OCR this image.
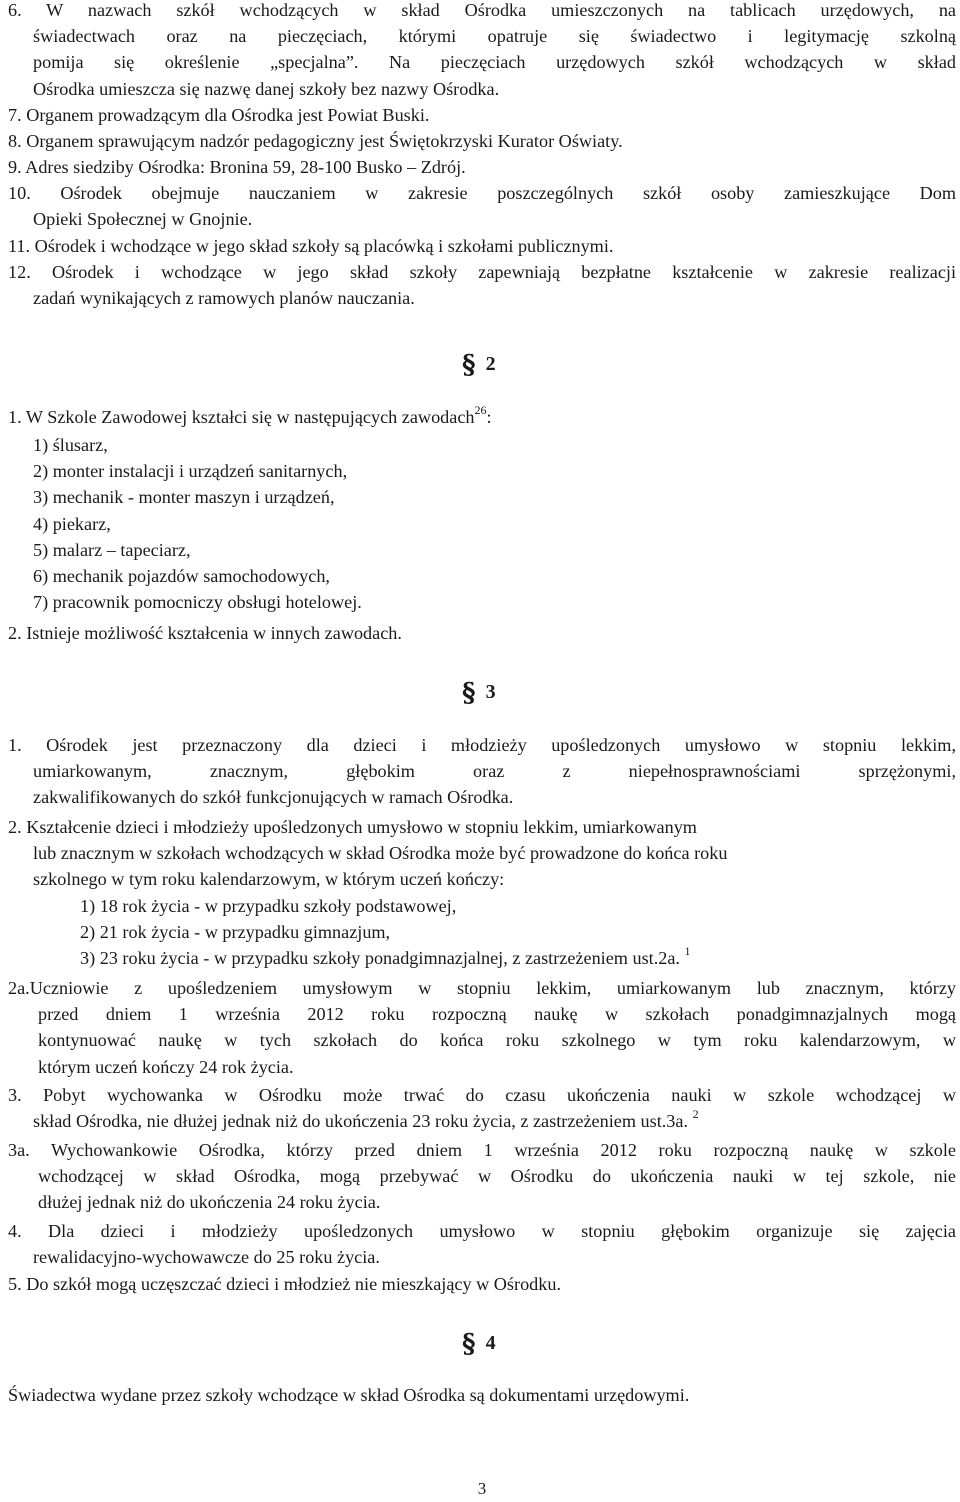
6. W nazwach szkół wchodzących w skład Ośrodka umieszczonych na tablicach urzędowych, na
świadectwach oraz na pieczęciach, którymi opatruje się świadectwo i legitymację szkolną
pomija się określenie „specjalna”. Na pieczęciach urzędowych szkół wchodzących w skład
Ośrodka umieszcza się nazwę danej szkoły bez nazwy Ośrodka.
7. Organem prowadzącym dla Ośrodka jest Powiat Buski.
8. Organem sprawującym nadzór pedagogiczny jest Świętokrzyski Kurator Oświaty.
9. Adres siedziby Ośrodka: Bronina 59, 28-100 Busko – Zdrój.
10. Ośrodek obejmuje nauczaniem w zakresie poszczególnych szkół osoby zamieszkujące Dom
Opieki Społecznej w Gnojnie.
11. Ośrodek i wchodzące w jego skład szkoły są placówką i szkołami publicznymi.
12. Ośrodek i wchodzące w jego skład szkoły zapewniają bezpłatne kształcenie w zakresie realizacji
zadań wynikających z ramowych planów nauczania.
§ 2
1. W Szkole Zawodowej kształci się w następujących zawodach$^{26}$:
1) ślusarz,
2) monter instalacji i urządzeń sanitarnych,
3) mechanik - monter maszyn i urządzeń,
4) piekarz,
5) malarz – tapeciarz,
6) mechanik pojazdów samochodowych,
7) pracownik pomocniczy obsługi hotelowej.
2. Istnieje możliwość kształcenia w innych zawodach.
§ 3
1. Ośrodek jest przeznaczony dla dzieci i młodzieży upośledzonych umysłowo w stopniu lekkim,
umiarkowanym, znacznym, głębokim oraz z niepełnosprawnościami sprzężonymi,
zakwalifikowanych do szkół funkcjonujących w ramach Ośrodka.
2. Kształcenie dzieci i młodzieży upośledzonych umysłowo w stopniu lekkim, umiarkowanym
lub znacznym w szkołach wchodzących w skład Ośrodka może być prowadzone do końca roku
szkolnego w tym roku kalendarzowym, w którym uczeń kończy:
1) 18 rok życia - w przypadku szkoły podstawowej,
2) 21 rok życia - w przypadku gimnazjum,
3) 23 roku życia - w przypadku szkoły ponadgimnazjalnej, z zastrzeżeniem ust.2a. $^1$
2a.Uczniowie z upośledzeniem umysłowym w stopniu lekkim, umiarkowanym lub znacznym, którzy
przed dniem 1 września 2012 roku rozpoczną naukę w szkołach ponadgimnazjalnych mogą
kontynuować naukę w tych szkołach do końca roku szkolnego w tym roku kalendarzowym, w
którym uczeń kończy 24 rok życia.
3. Pobyt wychowanka w Ośrodku może trwać do czasu ukończenia nauki w szkole wchodzącej w
skład Ośrodka, nie dłużej jednak niż do ukończenia 23 roku życia, z zastrzeżeniem ust.3a. $^2$
3a. Wychowankowie Ośrodka, którzy przed dniem 1 września 2012 roku rozpoczną naukę w szkole
wchodzącej w skład Ośrodka, mogą przebywać w Ośrodku do ukończenia nauki w tej szkole, nie
dłużej jednak niż do ukończenia 24 roku życia.
4. Dla dzieci i młodzieży upośledzonych umysłowo w stopniu głębokim organizuje się zajęcia
rewalidacyjno-wychowawcze do 25 roku życia.
5. Do szkół mogą uczęszczać dzieci i młodzież nie mieszkający w Ośrodku.
§ 4
Świadectwa wydane przez szkoły wchodzące w skład Ośrodka są dokumentami urzędowymi.
3
